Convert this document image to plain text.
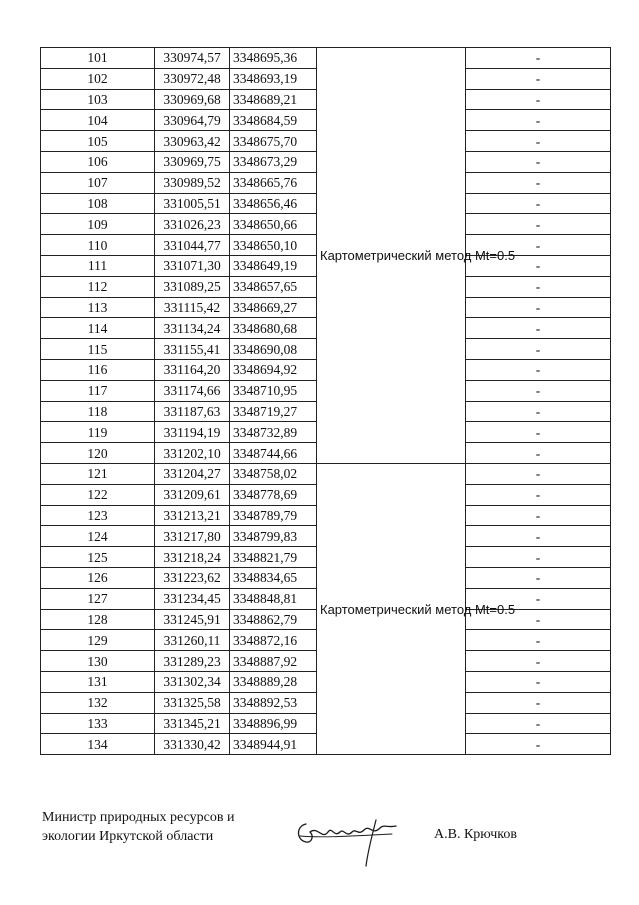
101	330974,57	3348695,36	Картометрический метод Mt=0.5	-
102	330972,48	3348693,19		-
103	330969,68	3348689,21		-
104	330964,79	3348684,59		-
105	330963,42	3348675,70		-
106	330969,75	3348673,29		-
107	330989,52	3348665,76		-
108	331005,51	3348656,46		-
109	331026,23	3348650,66		-
110	331044,77	3348650,10		-
111	331071,30	3348649,19		-
112	331089,25	3348657,65		-
113	331115,42	3348669,27		-
114	331134,24	3348680,68		-
115	331155,41	3348690,08		-
116	331164,20	3348694,92		-
117	331174,66	3348710,95		-
118	331187,63	3348719,27		-
119	331194,19	3348732,89		-
120	331202,10	3348744,66		-
121	331204,27	3348758,02	Картометрический метод Mt=0.5	-
122	331209,61	3348778,69		-
123	331213,21	3348789,79		-
124	331217,80	3348799,83		-
125	331218,24	3348821,79		-
126	331223,62	3348834,65		-
127	331234,45	3348848,81		-
128	331245,91	3348862,79		-
129	331260,11	3348872,16		-
130	331289,23	3348887,92		-
131	331302,34	3348889,28		-
132	331325,58	3348892,53		-
133	331345,21	3348896,99		-
134	331330,42	3348944,91		-
Министр природных ресурсов и
экологии Иркутской области	А.В. Крючков
